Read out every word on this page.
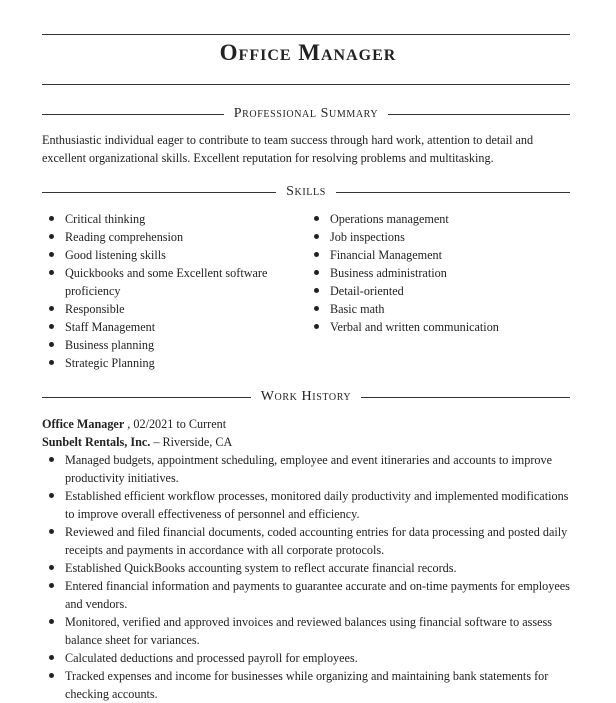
Office Manager
Professional Summary
Enthusiastic individual eager to contribute to team success through hard work, attention to detail and excellent organizational skills. Excellent reputation for resolving problems and multitasking.
Skills
Critical thinking
Reading comprehension
Good listening skills
Quickbooks and some Excellent software proficiency
Responsible
Staff Management
Business planning
Strategic Planning
Operations management
Job inspections
Financial Management
Business administration
Detail-oriented
Basic math
Verbal and written communication
Work History
Office Manager , 02/2021 to Current
Sunbelt Rentals, Inc. – Riverside, CA
Managed budgets, appointment scheduling, employee and event itineraries and accounts to improve productivity initiatives.
Established efficient workflow processes, monitored daily productivity and implemented modifications to improve overall effectiveness of personnel and efficiency.
Reviewed and filed financial documents, coded accounting entries for data processing and posted daily receipts and payments in accordance with all corporate protocols.
Established QuickBooks accounting system to reflect accurate financial records.
Entered financial information and payments to guarantee accurate and on-time payments for employees and vendors.
Monitored, verified and approved invoices and reviewed balances using financial software to assess balance sheet for variances.
Calculated deductions and processed payroll for employees.
Tracked expenses and income for businesses while organizing and maintaining bank statements for checking accounts.
